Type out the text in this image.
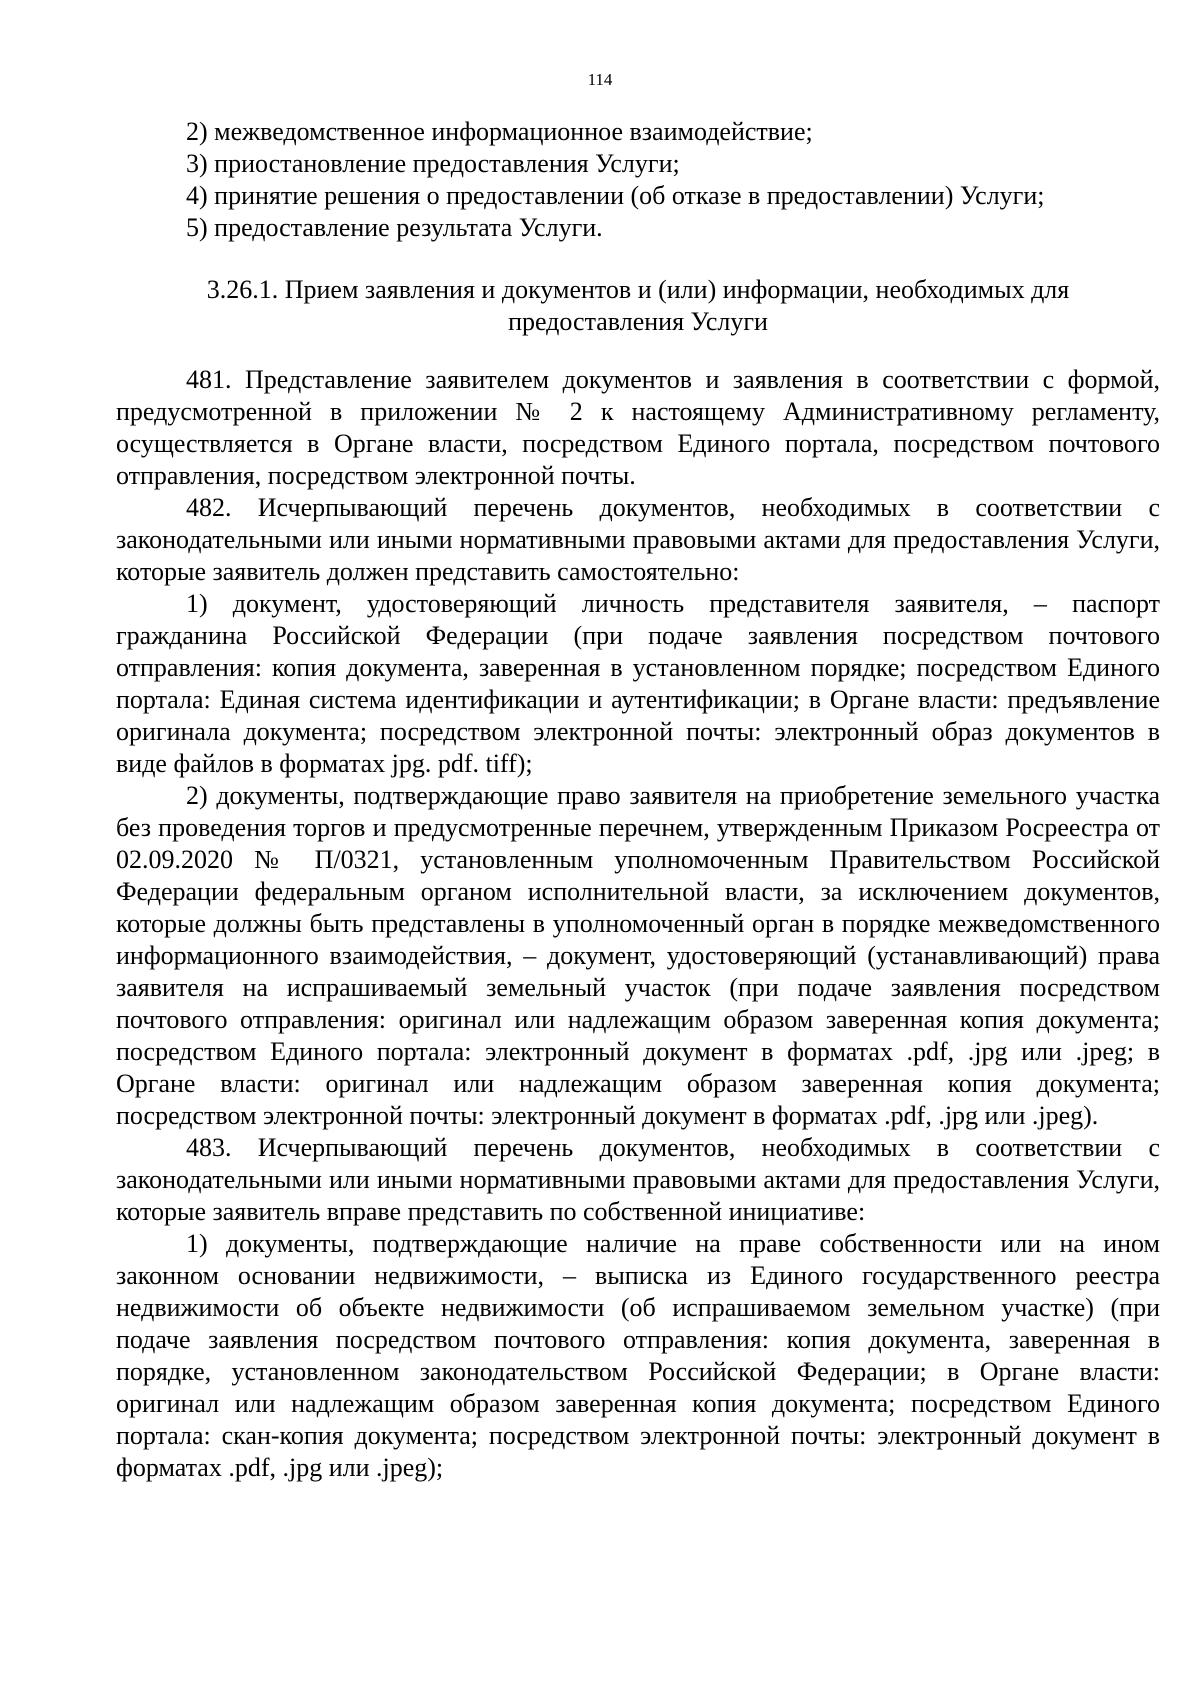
114

2) межведомственное информационное взаимодействие;

3) приостановление предоставления Услуги;

4) принятие решения о предоставлении (об отказе в предоставлении) Услуги;

5) предоставление результата Услуги.

3.26.1. Прием заявления и документов и (или) информации, необходимых для предоставления Услуги

481. Представление заявителем документов и заявления в соответствии с формой, предусмотренной в приложении № 2 к настоящему Административному регламенту, осуществляется в Органе власти, посредством Единого портала, посредством почтового отправления, посредством электронной почты.

482. Исчерпывающий перечень документов, необходимых в соответствии с законодательными или иными нормативными правовыми актами для предоставления Услуги, которые заявитель должен представить самостоятельно:

1) документ, удостоверяющий личность представителя заявителя, – паспорт гражданина Российской Федерации (при подаче заявления посредством почтового отправления: копия документа, заверенная в установленном порядке; посредством Единого портала: Единая система идентификации и аутентификации; в Органе власти: предъявление оригинала документа; посредством электронной почты: электронный образ документов в виде файлов в форматах jpg. pdf. tiff);

2) документы, подтверждающие право заявителя на приобретение земельного участка без проведения торгов и предусмотренные перечнем, утвержденным Приказом Росреестра от 02.09.2020 № П/0321, установленным уполномоченным Правительством Российской Федерации федеральным органом исполнительной власти, за исключением документов, которые должны быть представлены в уполномоченный орган в порядке межведомственного информационного взаимодействия, – документ, удостоверяющий (устанавливающий) права заявителя на испрашиваемый земельный участок (при подаче заявления посредством почтового отправления: оригинал или надлежащим образом заверенная копия документа; посредством Единого портала: электронный документ в форматах .pdf, .jpg или .jpeg; в Органе власти: оригинал или надлежащим образом заверенная копия документа; посредством электронной почты: электронный документ в форматах .pdf, .jpg или .jpeg).

483. Исчерпывающий перечень документов, необходимых в соответствии с законодательными или иными нормативными правовыми актами для предоставления Услуги, которые заявитель вправе представить по собственной инициативе:

1) документы, подтверждающие наличие на праве собственности или на ином законном основании недвижимости, – выписка из Единого государственного реестра недвижимости об объекте недвижимости (об испрашиваемом земельном участке) (при подаче заявления посредством почтового отправления: копия документа, заверенная в порядке, установленном законодательством Российской Федерации; в Органе власти: оригинал или надлежащим образом заверенная копия документа; посредством Единого портала: скан-копия документа; посредством электронной почты: электронный документ в форматах .pdf, .jpg или .jpeg);
